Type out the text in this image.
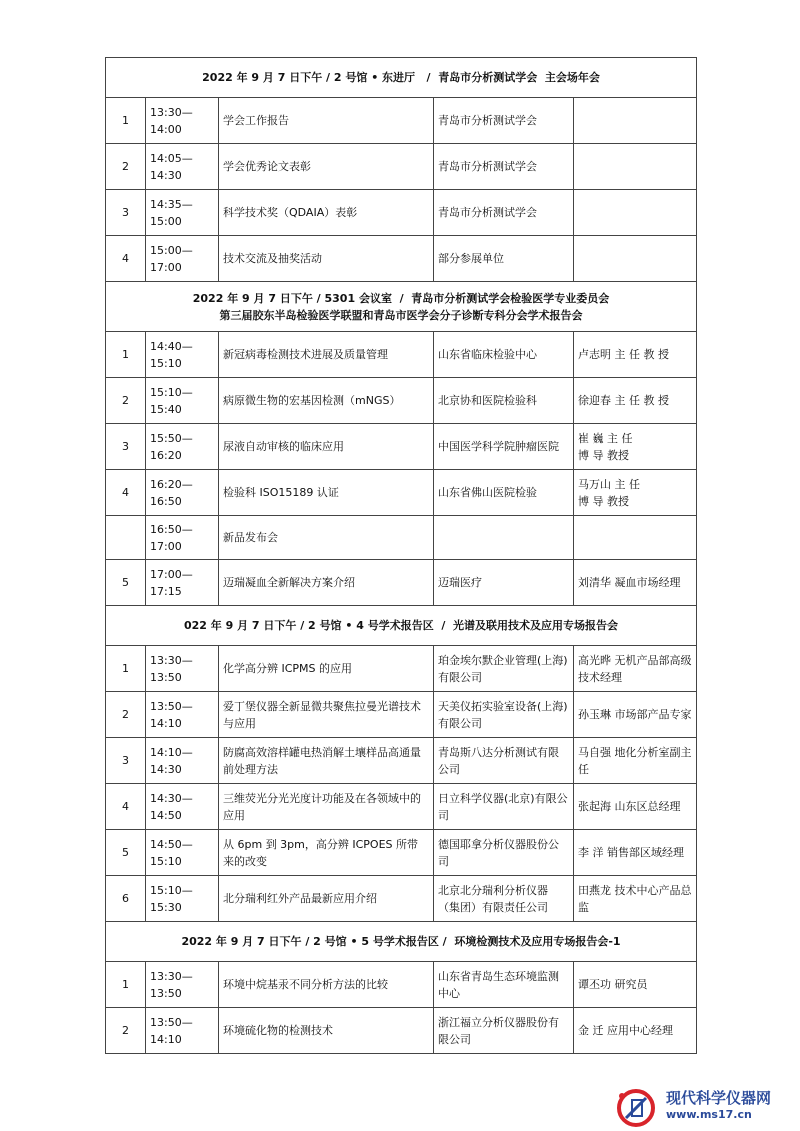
2022 年 9 月 7 日下午 / 2 号馆 • 东进厅   /  青岛市分析测试学会  主会场年会				

1	13:30—14:00	学会工作报告	青岛市分析测试学会	
2	14:05—14:30	学会优秀论文表彰	青岛市分析测试学会	
3	14:35—15:00	科学技术奖（QDAIA）表彰	青岛市分析测试学会	
4	15:00—17:00	技术交流及抽奖活动	部分参展单位	

2022 年 9 月 7 日下午 / 5301 会议室  /  青岛市分析测试学会检验医学专业委员会
第三届胶东半岛检验医学联盟和青岛市医学会分子诊断专科分会学术报告会				

1	14:40—15:10	新冠病毒检测技术进展及质量管理	山东省临床检验中心	卢志明 主 任 教 授
2	15:10—15:40	病原微生物的宏基因检测（mNGS）	北京协和医院检验科	徐迎春 主 任 教 授
3	15:50—16:20	尿液自动审核的临床应用	中国医学科学院肿瘤医院	崔 巍 主 任
博 导 教授
4	16:20—16:50	检验科 ISO15189 认证	山东省佛山医院检验	马万山 主 任
博 导 教授
	16:50—17:00	新品发布会		
5	17:00—17:15	迈瑞凝血全新解决方案介绍	迈瑞医疗	刘清华 凝血市场经理

022 年 9 月 7 日下午 / 2 号馆 • 4 号学术报告区  /  光谱及联用技术及应用专场报告会				

1	13:30—13:50	化学高分辨 ICPMS 的应用	珀金埃尔默企业管理(上海)有限公司	高光晔 无机产品部高级技术经理
2	13:50—14:10	爱丁堡仪器全新显微共聚焦拉曼光谱技术与应用	天美仪拓实验室设备(上海)有限公司	孙玉琳 市场部产品专家
3	14:10—14:30	防腐高效溶样罐电热消解土壤样品高通量前处理方法	青岛斯八达分析测试有限公司	马自强 地化分析室副主任
4	14:30—14:50	三维荧光分光光度计功能及在各领域中的应用	日立科学仪器(北京)有限公司	张起海 山东区总经理
5	14:50—15:10	从 6pm 到 3pm，高分辨 ICPOES 所带来的改变	德国耶拿分析仪器股份公司	李 洋 销售部区域经理
6	15:10—15:30	北分瑞利红外产品最新应用介绍	北京北分瑞利分析仪器（集团）有限责任公司	田燕龙 技术中心产品总监

2022 年 9 月 7 日下午 / 2 号馆 • 5 号学术报告区 /  环境检测技术及应用专场报告会-1				

1	13:30—13:50	环境中烷基汞不同分析方法的比较	山东省青岛生态环境监测中心	谭丕功 研究员
2	13:50—14:10	环境硫化物的检测技术	浙江福立分析仪器股份有限公司	金 迁 应用中心经理
现代科学仪器网
www.ms17.cn
